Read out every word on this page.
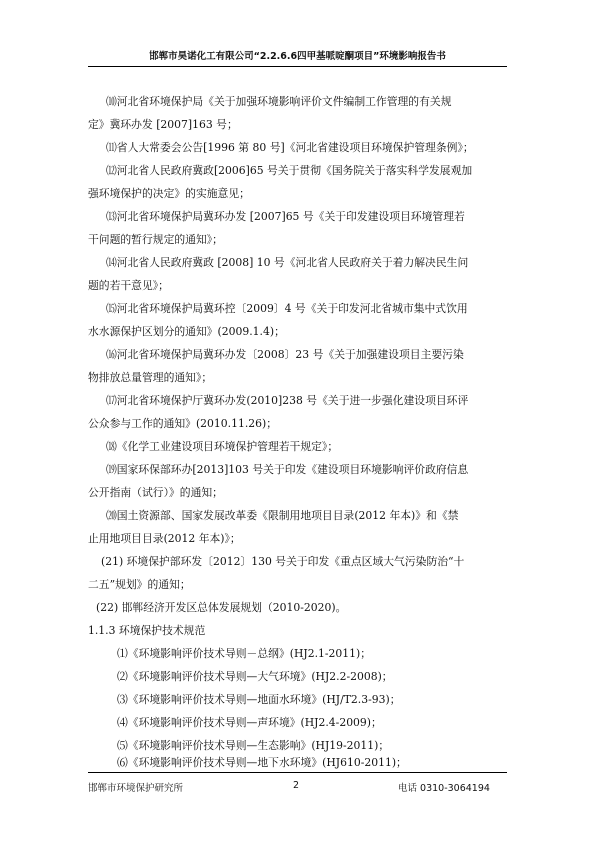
邯郸市昊诺化工有限公司“2.2.6.6四甲基哌啶酮项目”环境影响报告书
⑽河北省环境保护局《关于加强环境影响评价文件编制工作管理的有关规
定》冀环办发 [2007]163 号；
⑾省人大常委会公告[1996 第 80 号]《河北省建设项目环境保护管理条例》；
⑿河北省人民政府冀政[2006]65 号关于贯彻《国务院关于落实科学发展观加
强环境保护的决定》的实施意见；
⒀河北省环境保护局冀环办发 [2007]65 号《关于印发建设项目环境管理若
干问题的暂行规定的通知》；
⒁河北省人民政府冀政 [2008] 10 号《河北省人民政府关于着力解决民生问
题的若干意见》；
⒂河北省环境保护局冀环控〔2009〕4 号《关于印发河北省城市集中式饮用
水水源保护区划分的通知》(2009.1.4)；
⒃河北省环境保护局冀环办发〔2008〕23 号《关于加强建设项目主要污染
物排放总量管理的通知》；
⒄河北省环境保护厅冀环办发(2010]238 号《关于进一步强化建设项目环评
公众参与工作的通知》(2010.11.26)；
⒅《化学工业建设项目环境保护管理若干规定》；
⒆国家环保部环办[2013]103 号关于印发《建设项目环境影响评价政府信息
公开指南（试行）》的通知；
⒇国土资源部、国家发展改革委《限制用地项目目录(2012 年本)》和《禁
止用地项目目录(2012 年本)》；
(21) 环境保护部环发〔2012〕130 号关于印发《重点区域大气污染防治“十
二五”规划》的通知；
(22) 邯郸经济开发区总体发展规划（2010-2020)。
1.1.3 环境保护技术规范
⑴《环境影响评价技术导则－总纲》(HJ2.1-2011)；
⑵《环境影响评价技术导则—大气环境》(HJ2.2-2008)；
⑶《环境影响评价技术导则—地面水环境》(HJ/T2.3-93)；
⑷《环境影响评价技术导则—声环境》(HJ2.4-2009)；
⑸《环境影响评价技术导则—生态影响》(HJ19-2011)；
⑹《环境影响评价技术导则—地下水环境》(HJ610-2011)；
邯郸市环境保护研究所	2	电话 0310-3064194
